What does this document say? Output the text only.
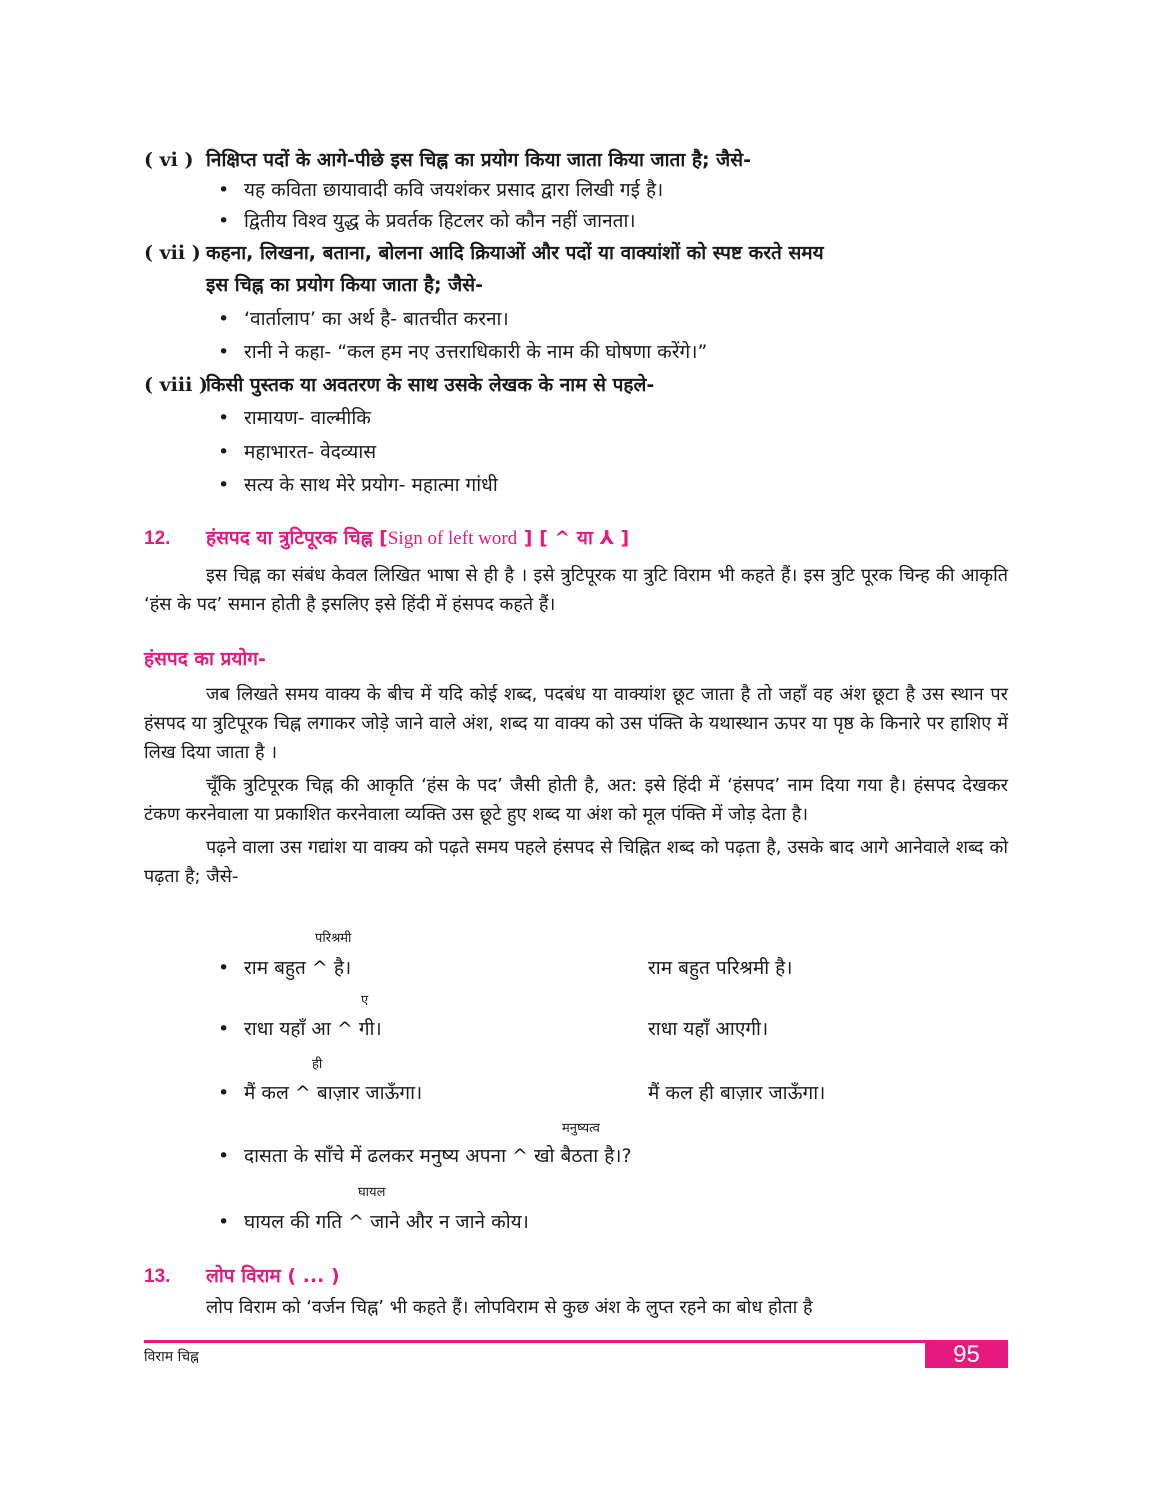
( vi ) निक्षिप्त पदों के आगे-पीछे इस चिह्न का प्रयोग किया जाता किया जाता है; जैसे-
• यह कविता छायावादी कवि जयशंकर प्रसाद द्वारा लिखी गई है।
• द्वितीय विश्व युद्ध के प्रवर्तक हिटलर को कौन नहीं जानता।
( vii ) कहना, लिखना, बताना, बोलना आदि क्रियाओं और पदों या वाक्यांशों को स्पष्ट करते समय
इस चिह्न का प्रयोग किया जाता है; जैसे-
• ‘वार्तालाप’ का अर्थ है- बातचीत करना।
• रानी ने कहा- “कल हम नए उत्तराधिकारी के नाम की घोषणा करेंगे।”
( viii )किसी पुस्तक या अवतरण के साथ उसके लेखक के नाम से पहले-
• रामायण- वाल्मीकि
• महाभारत- वेदव्यास
• सत्य के साथ मेरे प्रयोग- महात्मा गांधी
12. हंसपद या त्रुटिपूरक चिह्न [Sign of left word ] [ ^ या ⅄ ]

इस चिह्न का संबंध केवल लिखित भाषा से ही है । इसे त्रुटिपूरक या त्रुटि विराम भी कहते हैं। इस त्रुटि पूरक चिन्ह की आकृति ‘हंस के पद’ समान होती है इसलिए इसे हिंदी में हंसपद कहते हैं।

हंसपद का प्रयोग-

जब लिखते समय वाक्य के बीच में यदि कोई शब्द, पदबंध या वाक्यांश छूट जाता है तो जहाँ वह अंश छूटा है उस स्थान पर हंसपद या त्रुटिपूरक चिह्न लगाकर जोड़े जाने वाले अंश, शब्द या वाक्य को उस पंक्ति के यथास्थान ऊपर या पृष्ठ के किनारे पर हाशिए में लिख दिया जाता है ।

चूँकि त्रुटिपूरक चिह्न की आकृति ‘हंस के पद’ जैसी होती है, अत: इसे हिंदी में ‘हंसपद’ नाम दिया गया है। हंसपद देखकर टंकण करनेवाला या प्रकाशित करनेवाला व्यक्ति उस छूटे हुए शब्द या अंश को मूल पंक्ति में जोड़ देता है।

पढ़ने वाला उस गद्यांश या वाक्य को पढ़ते समय पहले हंसपद से चिह्नित शब्द को पढ़ता है, उसके बाद आगे आनेवाले शब्द को पढ़ता है; जैसे-

परिश्रमी
• राम बहुत ^ है।	राम बहुत परिश्रमी है।
ए
• राधा यहाँ आ ^ गी।	राधा यहाँ आएगी।
ही
• मैं कल ^ बाज़ार जाऊँगा।	मैं कल ही बाज़ार जाऊँगा।
मनुष्यत्व
• दासता के साँचे में ढलकर मनुष्य अपना ^ खो बैठता है।?
घायल
• घायल की गति ^ जाने और न जाने कोय।
13. लोप विराम ( ... )

लोप विराम को ‘वर्जन चिह्न’ भी कहते हैं। लोपविराम से कुछ अंश के लुप्त रहने का बोध होता है

विराम चिह्न	95
